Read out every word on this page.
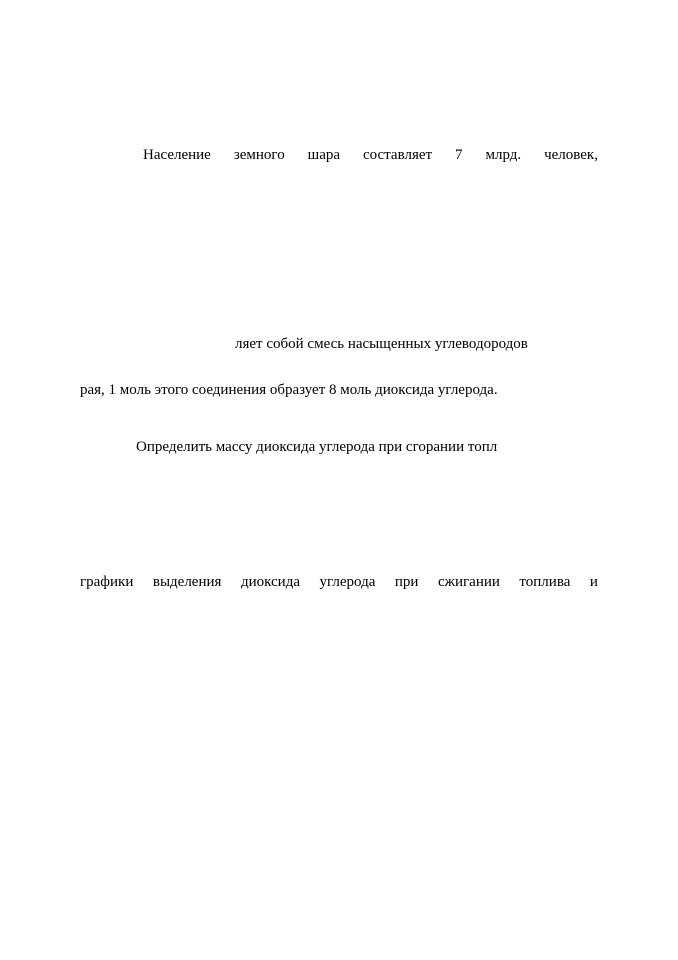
Население земного шара составляет 7 млрд. человек,

ляет собой смесь насыщенных углеводородов

рая, 1 моль этого соединения образует 8 моль диоксида углерода.

Определить массу диоксида углерода при сгорании топл

графики выделения диоксида углерода при сжигании топлива и
